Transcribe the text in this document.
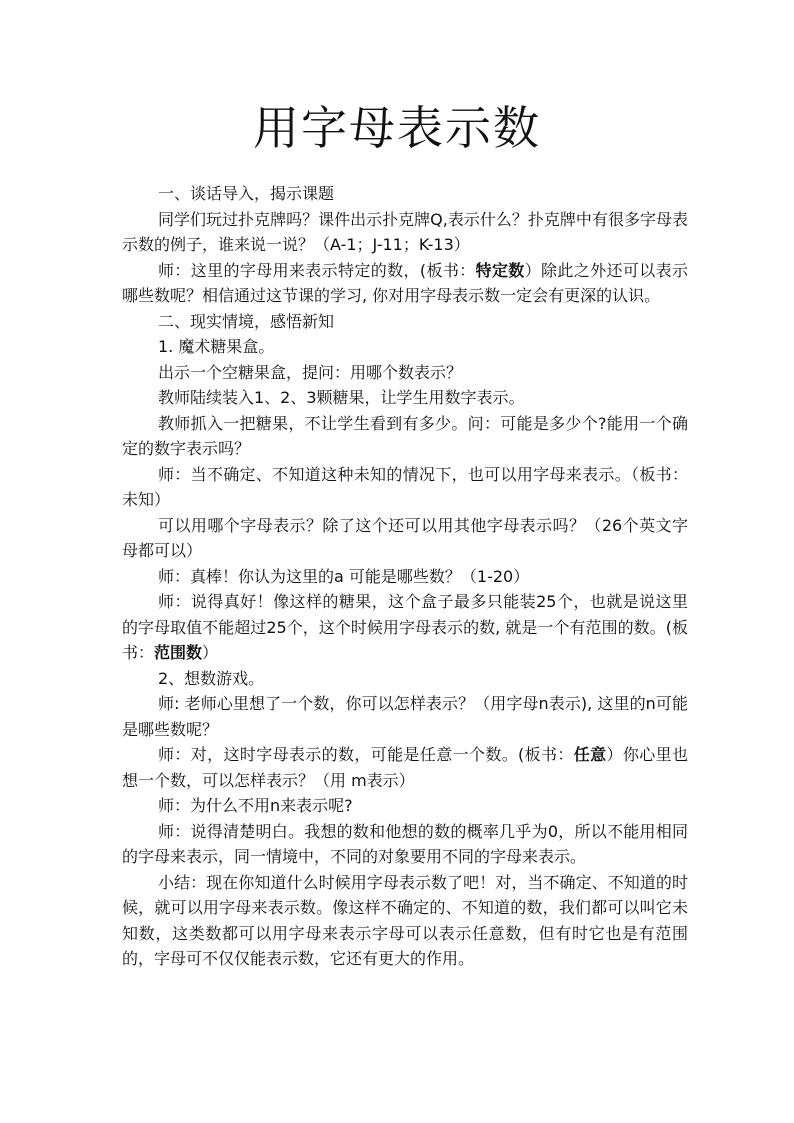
用字母表示数

一、谈话导入，揭示课题

同学们玩过扑克牌吗？课件出示扑克牌Q,表示什么？扑克牌中有很多字母表示数的例子，谁来说一说？（A-1；J-11；K-13）

师：这里的字母用来表示特定的数，(板书：特定数）除此之外还可以表示哪些数呢？相信通过这节课的学习, 你对用字母表示数一定会有更深的认识。

二、现实情境，感悟新知

1. 魔术糖果盒。

出示一个空糖果盒，提问：用哪个数表示？

教师陆续装入1、2、3颗糖果，让学生用数字表示。

教师抓入一把糖果，不让学生看到有多少。问：可能是多少个?能用一个确定的数字表示吗？

师：当不确定、不知道这种未知的情况下，也可以用字母来表示。（板书：未知）

可以用哪个字母表示？除了这个还可以用其他字母表示吗？（26个英文字母都可以）

师：真棒！你认为这里的a 可能是哪些数？（1-20）

师：说得真好！像这样的糖果，这个盒子最多只能装25个，也就是说这里的字母取值不能超过25个，这个时候用字母表示的数, 就是一个有范围的数。(板书：范围数）

2、想数游戏。

师: 老师心里想了一个数，你可以怎样表示？（用字母n表示), 这里的n可能是哪些数呢？

师：对，这时字母表示的数，可能是任意一个数。(板书：任意）你心里也想一个数，可以怎样表示？（用 m表示）

师：为什么不用n来表示呢?

师：说得清楚明白。我想的数和他想的数的概率几乎为0，所以不能用相同的字母来表示，同一情境中，不同的对象要用不同的字母来表示。

小结：现在你知道什么时候用字母表示数了吧！对，当不确定、不知道的时候，就可以用字母来表示数。像这样不确定的、不知道的数，我们都可以叫它未知数，这类数都可以用字母来表示字母可以表示任意数，但有时它也是有范围的，字母可不仅仅能表示数，它还有更大的作用。
